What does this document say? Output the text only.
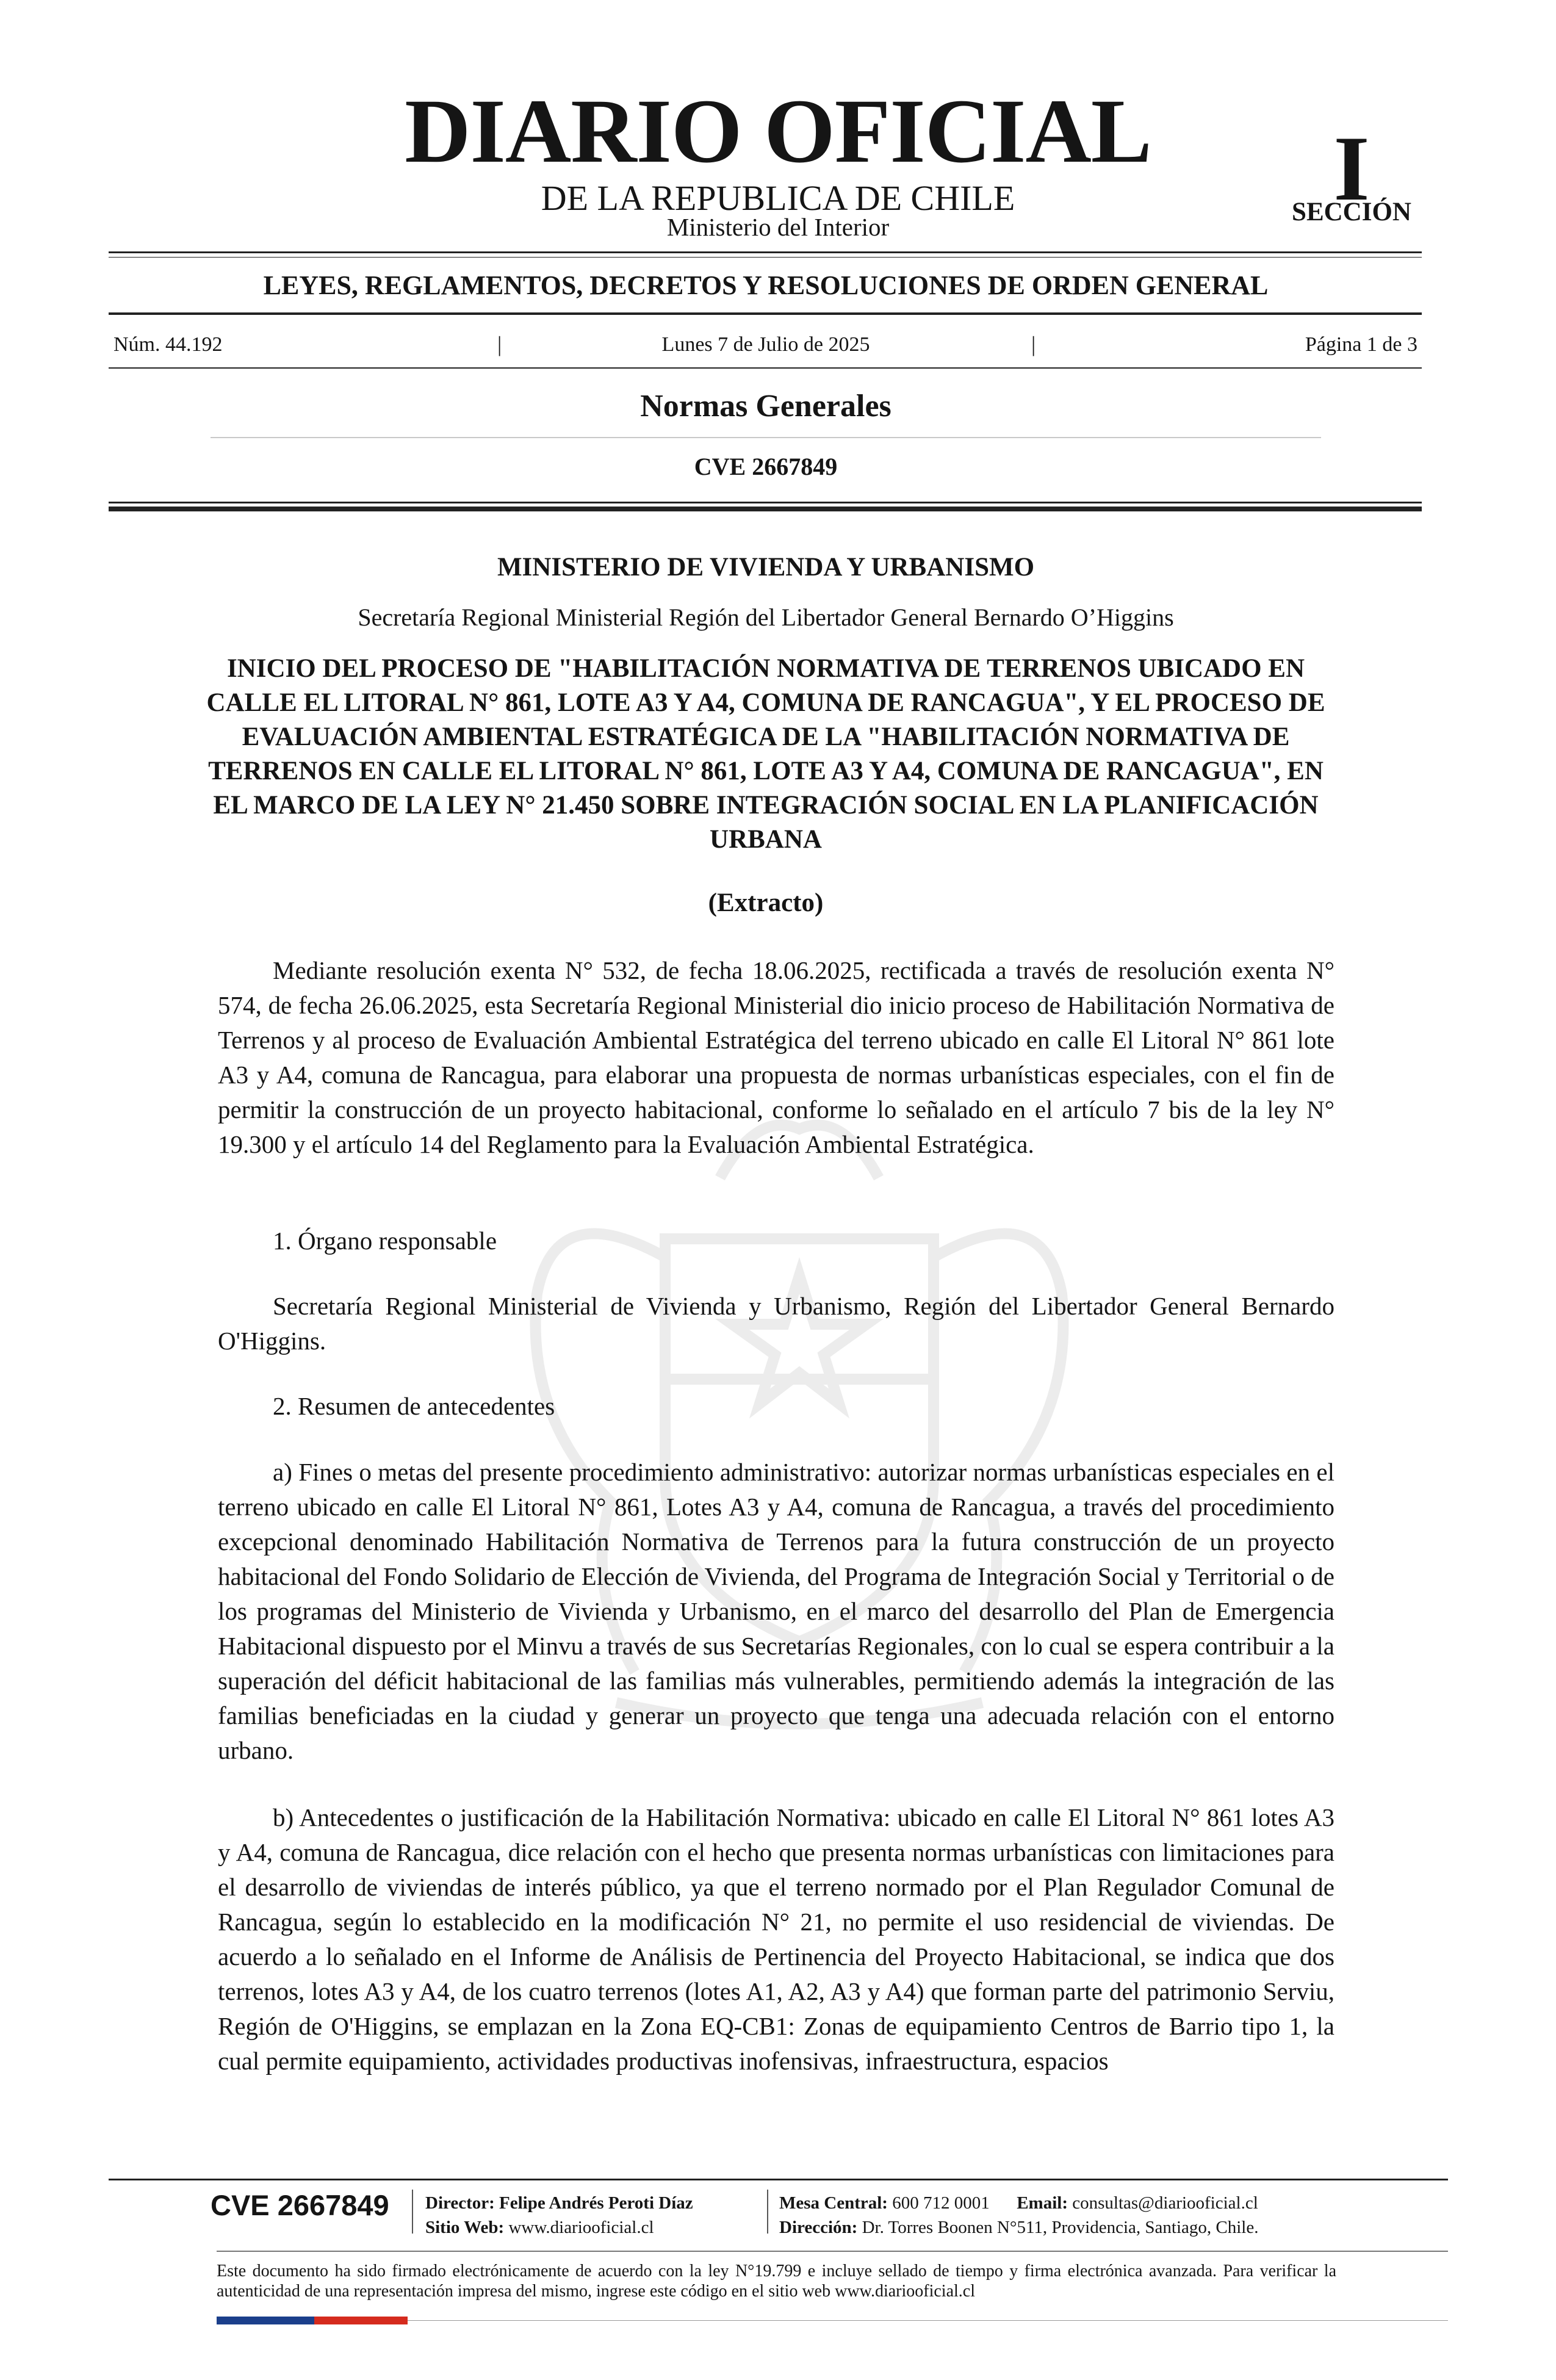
DIARIO OFICIAL
DE LA REPUBLICA DE CHILE
Ministerio del Interior
I
SECCIÓN
LEYES, REGLAMENTOS, DECRETOS Y RESOLUCIONES DE ORDEN GENERAL
Núm. 44.192	|	Lunes 7 de Julio de 2025	|	Página 1 de 3
Normas Generales
CVE 2667849
MINISTERIO DE VIVIENDA Y URBANISMO
Secretaría Regional Ministerial Región del Libertador General Bernardo O’Higgins
INICIO DEL PROCESO DE "HABILITACIÓN NORMATIVA DE TERRENOS UBICADO EN CALLE EL LITORAL N° 861, LOTE A3 Y A4, COMUNA DE RANCAGUA", Y EL PROCESO DE EVALUACIÓN AMBIENTAL ESTRATÉGICA DE LA "HABILITACIÓN NORMATIVA DE TERRENOS EN CALLE EL LITORAL N° 861, LOTE A3 Y A4, COMUNA DE RANCAGUA", EN EL MARCO DE LA LEY N° 21.450 SOBRE INTEGRACIÓN SOCIAL EN LA PLANIFICACIÓN URBANA
(Extracto)
Mediante resolución exenta N° 532, de fecha 18.06.2025, rectificada a través de resolución exenta N° 574, de fecha 26.06.2025, esta Secretaría Regional Ministerial dio inicio proceso de Habilitación Normativa de Terrenos y al proceso de Evaluación Ambiental Estratégica del terreno ubicado en calle El Litoral N° 861 lote A3 y A4, comuna de Rancagua, para elaborar una propuesta de normas urbanísticas especiales, con el fin de permitir la construcción de un proyecto habitacional, conforme lo señalado en el artículo 7 bis de la ley N° 19.300 y el artículo 14 del Reglamento para la Evaluación Ambiental Estratégica.
1. Órgano responsable
Secretaría Regional Ministerial de Vivienda y Urbanismo, Región del Libertador General Bernardo O'Higgins.
2. Resumen de antecedentes
a) Fines o metas del presente procedimiento administrativo: autorizar normas urbanísticas especiales en el terreno ubicado en calle El Litoral N° 861, Lotes A3 y A4, comuna de Rancagua, a través del procedimiento excepcional denominado Habilitación Normativa de Terrenos para la futura construcción de un proyecto habitacional del Fondo Solidario de Elección de Vivienda, del Programa de Integración Social y Territorial o de los programas del Ministerio de Vivienda y Urbanismo, en el marco del desarrollo del Plan de Emergencia Habitacional dispuesto por el Minvu a través de sus Secretarías Regionales, con lo cual se espera contribuir a la superación del déficit habitacional de las familias más vulnerables, permitiendo además la integración de las familias beneficiadas en la ciudad y generar un proyecto que tenga una adecuada relación con el entorno urbano.
b) Antecedentes o justificación de la Habilitación Normativa: ubicado en calle El Litoral N° 861 lotes A3 y A4, comuna de Rancagua, dice relación con el hecho que presenta normas urbanísticas con limitaciones para el desarrollo de viviendas de interés público, ya que el terreno normado por el Plan Regulador Comunal de Rancagua, según lo establecido en la modificación N° 21, no permite el uso residencial de viviendas. De acuerdo a lo señalado en el Informe de Análisis de Pertinencia del Proyecto Habitacional, se indica que dos terrenos, lotes A3 y A4, de los cuatro terrenos (lotes A1, A2, A3 y A4) que forman parte del patrimonio Serviu, Región de O'Higgins, se emplazan en la Zona EQ-CB1: Zonas de equipamiento Centros de Barrio tipo 1, la cual permite equipamiento, actividades productivas inofensivas, infraestructura, espacios
CVE 2667849 Director: Felipe Andrés Peroti Díaz
Sitio Web: www.diariooficial.cl
Mesa Central: 600 712 0001 Email: consultas@diariooficial.cl
Dirección: Dr. Torres Boonen N°511, Providencia, Santiago, Chile.
Este documento ha sido firmado electrónicamente de acuerdo con la ley N°19.799 e incluye sellado de tiempo y firma electrónica avanzada. Para verificar la autenticidad de una representación impresa del mismo, ingrese este código en el sitio web www.diariooficial.cl
